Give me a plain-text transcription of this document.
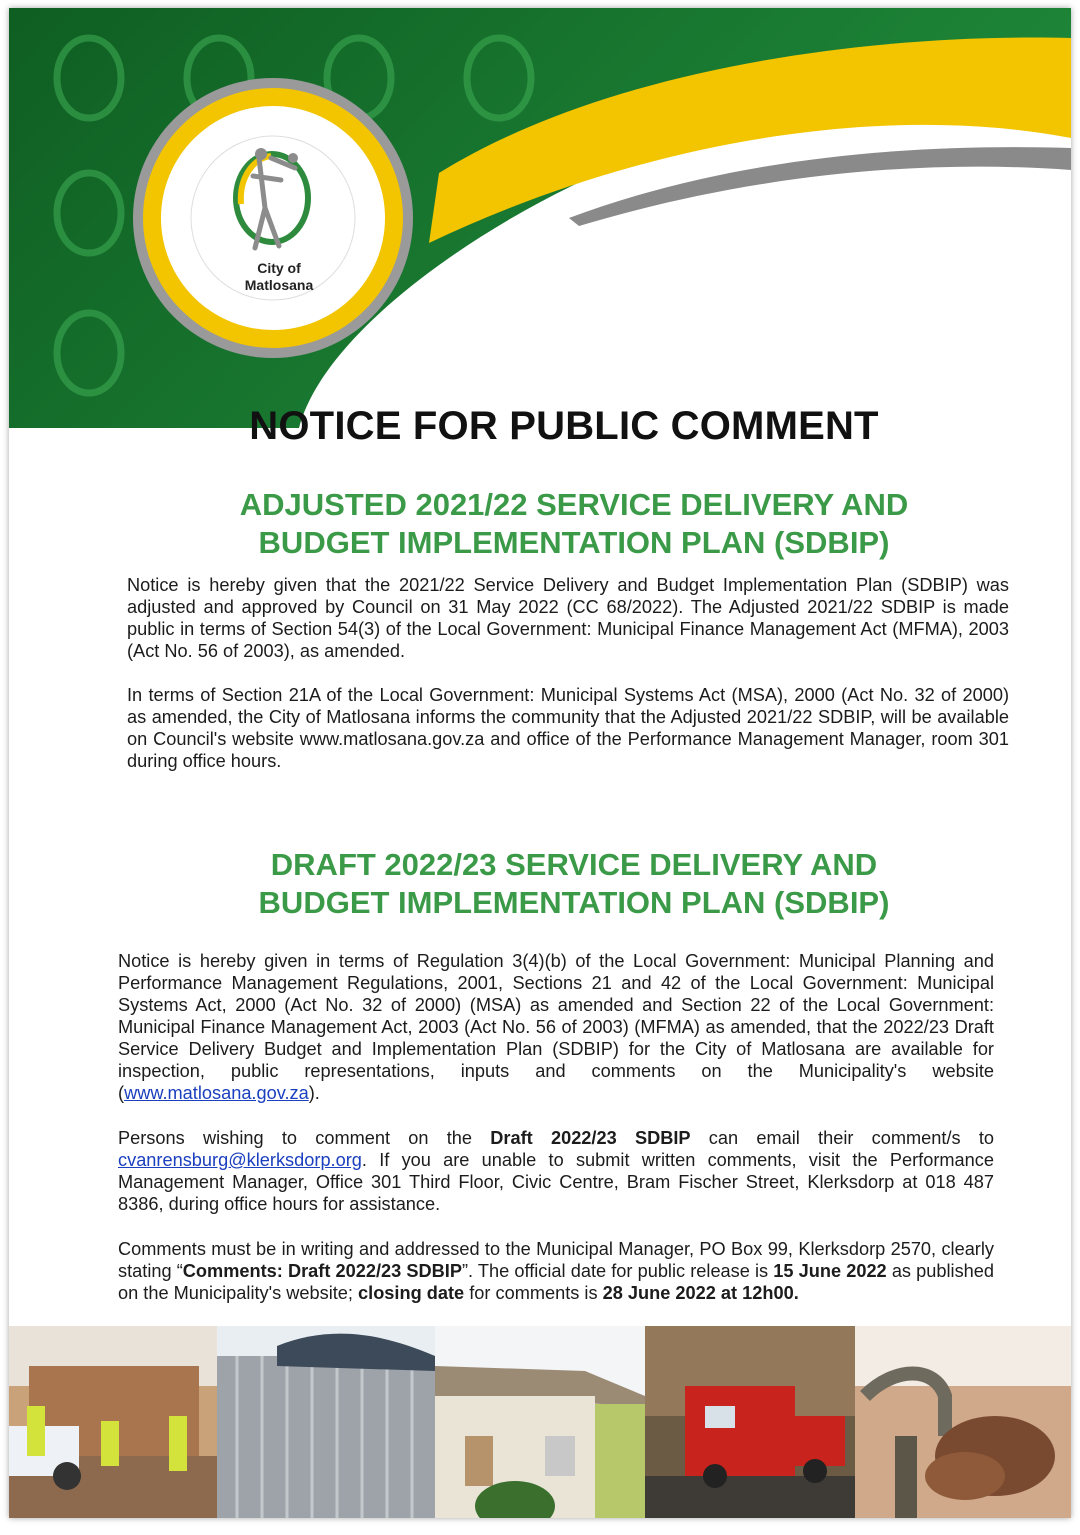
City of
Matlosana
NOTICE FOR PUBLIC COMMENT
ADJUSTED 2021/22 SERVICE DELIVERY AND
BUDGET IMPLEMENTATION PLAN (SDBIP)
Notice is hereby given that the 2021/22 Service Delivery and Budget Implementation Plan (SDBIP) was adjusted and approved by Council on 31 May 2022 (CC 68/2022). The Adjusted 2021/22 SDBIP is made public in terms of Section 54(3) of the Local Government: Municipal Finance Management Act (MFMA), 2003 (Act No. 56 of 2003), as amended.
In terms of Section 21A of the Local Government: Municipal Systems Act (MSA), 2000 (Act No. 32 of 2000) as amended, the City of Matlosana informs the community that the Adjusted 2021/22 SDBIP, will be available on Council's website www.matlosana.gov.za and office of the Performance Management Manager, room 301 during office hours.
DRAFT 2022/23 SERVICE DELIVERY AND
BUDGET IMPLEMENTATION PLAN (SDBIP)
Notice is hereby given in terms of Regulation 3(4)(b) of the Local Government: Municipal Planning and Performance Management Regulations, 2001, Sections 21 and 42 of the Local Government: Municipal Systems Act, 2000 (Act No. 32 of 2000) (MSA) as amended and Section 22 of the Local Government: Municipal Finance Management Act, 2003 (Act No. 56 of 2003) (MFMA) as amended, that the 2022/23 Draft Service Delivery Budget and Implementation Plan (SDBIP) for the City of Matlosana are available for inspection, public representations, inputs and comments on the Municipality's website (www.matlosana.gov.za).
Persons wishing to comment on the Draft 2022/23 SDBIP can email their comment/s to cvanrensburg@klerksdorp.org. If you are unable to submit written comments, visit the Performance Management Manager, Office 301 Third Floor, Civic Centre, Bram Fischer Street, Klerksdorp at 018 487 8386, during office hours for assistance.
Comments must be in writing and addressed to the Municipal Manager, PO Box 99, Klerksdorp 2570, clearly stating “Comments: Draft 2022/23 SDBIP”. The official date for public release is 15 June 2022 as published on the Municipality's website; closing date for comments is 28 June 2022 at 12h00.
